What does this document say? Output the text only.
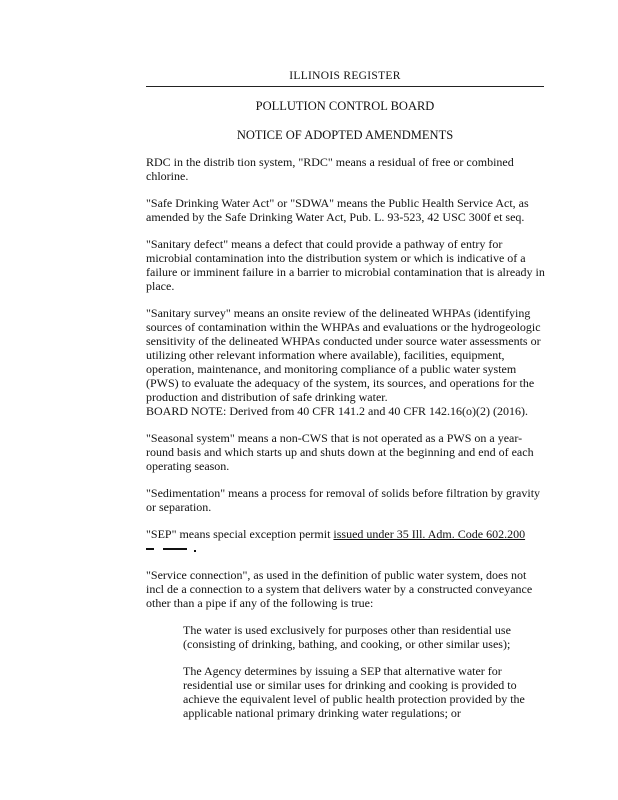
ILLINOIS REGISTER
POLLUTION CONTROL BOARD
NOTICE OF ADOPTED AMENDMENTS

RDC in the distrib tion system, "RDC" means a residual of free or combined chlorine.

"Safe Drinking Water Act" or "SDWA" means the Public Health Service Act, as amended by the Safe Drinking Water Act, Pub. L. 93-523, 42 USC 300f et seq.

"Sanitary defect" means a defect that could provide a pathway of entry for microbial contamination into the distribution system or which is indicative of a failure or imminent failure in a barrier to microbial contamination that is already in place.

"Sanitary survey" means an onsite review of the delineated WHPAs (identifying sources of contamination within the WHPAs and evaluations or the hydrogeologic sensitivity of the delineated WHPAs conducted under source water assessments or utilizing other relevant information where available), facilities, equipment, operation, maintenance, and monitoring compliance of a public water system (PWS) to evaluate the adequacy of the system, its sources, and operations for the production and distribution of safe drinking water.

BOARD NOTE: Derived from 40 CFR 141.2 and 40 CFR 142.16(o)(2) (2016).

"Seasonal system" means a non-CWS that is not operated as a PWS on a year-round basis and which starts up and shuts down at the beginning and end of each operating season.

"Sedimentation" means a process for removal of solids before filtration by gravity or separation.

"SEP" means special exception permit issued under 35 Ill. Adm. Code 602.200

"Service connection", as used in the definition of public water system, does not incl de a connection to a system that delivers water by a constructed conveyance other than a pipe if any of the following is true:

The water is used exclusively for purposes other than residential use (consisting of drinking, bathing, and cooking, or other similar uses);

The Agency determines by issuing a SEP that alternative water for residential use or similar uses for drinking and cooking is provided to achieve the equivalent level of public health protection provided by the applicable national primary drinking water regulations; or
